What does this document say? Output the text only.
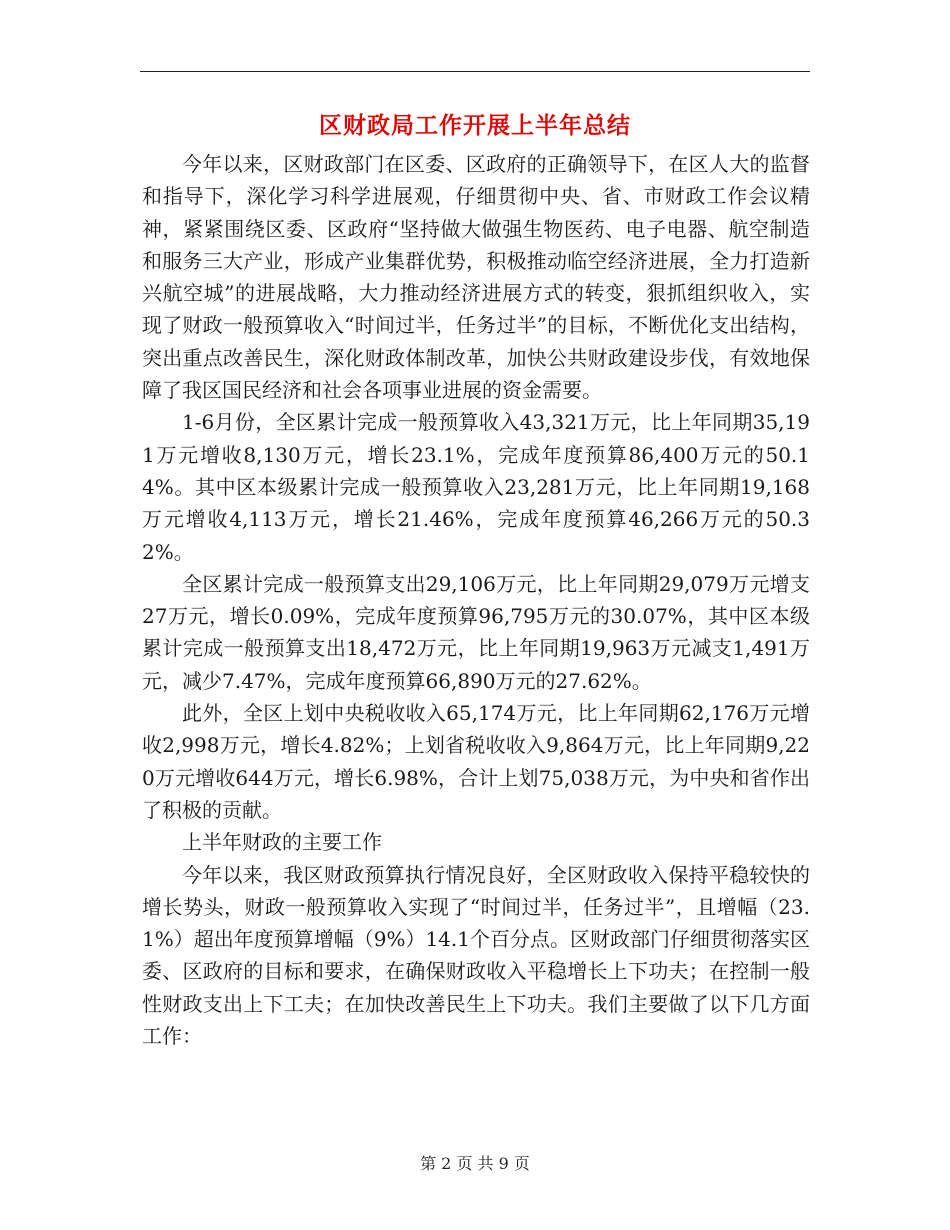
区财政局工作开展上半年总结

今年以来，区财政部门在区委、区政府的正确领导下，在区人大的监督和指导下，深化学习科学进展观，仔细贯彻中央、省、市财政工作会议精神，紧紧围绕区委、区政府“坚持做大做强生物医药、电子电器、航空制造和服务三大产业，形成产业集群优势，积极推动临空经济进展，全力打造新兴航空城”的进展战略，大力推动经济进展方式的转变，狠抓组织收入，实现了财政一般预算收入“时间过半，任务过半”的目标，不断优化支出结构，突出重点改善民生，深化财政体制改革，加快公共财政建设步伐，有效地保障了我区国民经济和社会各项事业进展的资金需要。

1-6月份，全区累计完成一般预算收入43,321万元，比上年同期35,191万元增收8,130万元，增长23.1%，完成年度预算86,400万元的50.14%。其中区本级累计完成一般预算收入23,281万元，比上年同期19,168万元增收4,113万元，增长21.46%，完成年度预算46,266万元的50.32%。

全区累计完成一般预算支出29,106万元，比上年同期29,079万元增支27万元，增长0.09%，完成年度预算96,795万元的30.07%，其中区本级累计完成一般预算支出18,472万元，比上年同期19,963万元减支1,491万元，减少7.47%，完成年度预算66,890万元的27.62%。

此外，全区上划中央税收收入65,174万元，比上年同期62,176万元增收2,998万元，增长4.82%；上划省税收收入9,864万元，比上年同期9,220万元增收644万元，增长6.98%，合计上划75,038万元，为中央和省作出了积极的贡献。

上半年财政的主要工作

今年以来，我区财政预算执行情况良好，全区财政收入保持平稳较快的增长势头，财政一般预算收入实现了“时间过半，任务过半”，且增幅（23.1%）超出年度预算增幅（9%）14.1个百分点。区财政部门仔细贯彻落实区委、区政府的目标和要求，在确保财政收入平稳增长上下功夫；在控制一般性财政支出上下工夫；在加快改善民生上下功夫。我们主要做了以下几方面工作：

第 2 页 共 9 页
